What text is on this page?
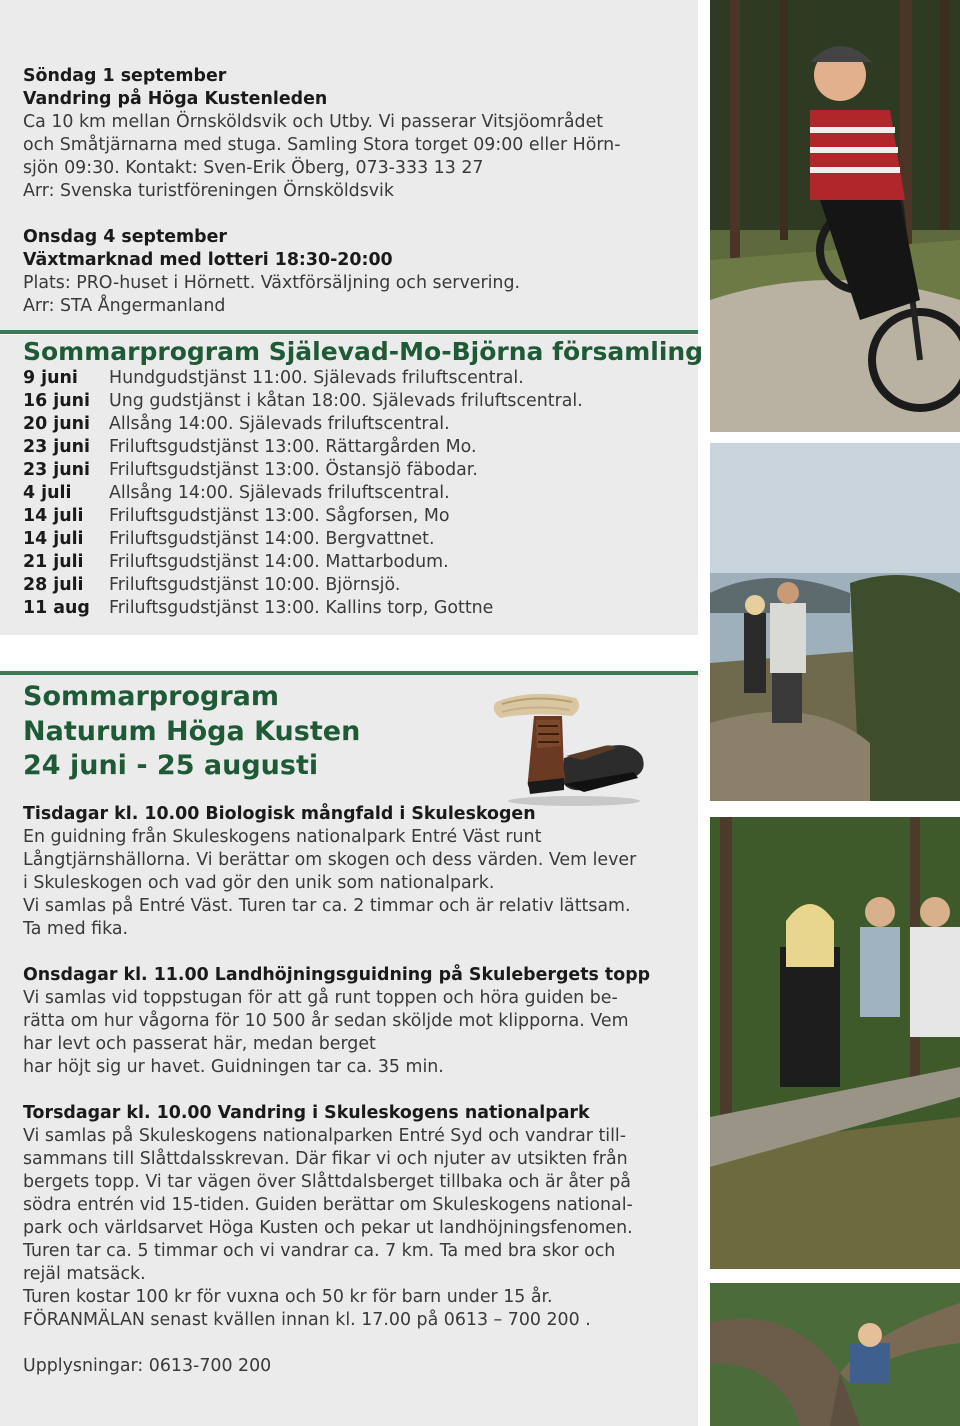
Söndag 1 september

Vandring på Höga Kustenleden

Ca 10 km mellan Örnsköldsvik och Utby. Vi passerar Vitsjöområdet

och Småtjärnarna med stuga. Samling Stora torget 09:00 eller Hörn-

sjön 09:30. Kontakt: Sven-Erik Öberg, 073-333 13 27

Arr: Svenska turistföreningen Örnsköldsvik

Onsdag 4 september

Växtmarknad med lotteri 18:30-20:00

Plats: PRO-huset i Hörnett. Växtförsäljning och servering.

Arr: STA Ångermanland

Sommarprogram Själevad-Mo-Björna församling
9 juni	Hundgudstjänst 11:00. Själevads friluftscentral.
16 juni	Ung gudstjänst i kåtan 18:00. Själevads friluftscentral.
20 juni	Allsång 14:00. Själevads friluftscentral.
23 juni	Friluftsgudstjänst 13:00. Rättargården Mo.
23 juni	Friluftsgudstjänst 13:00. Östansjö fäbodar.
4 juli	Allsång 14:00. Själevads friluftscentral.
14 juli	Friluftsgudstjänst 13:00. Sågforsen, Mo
14 juli	Friluftsgudstjänst 14:00. Bergvattnet.
21 juli	Friluftsgudstjänst 14:00. Mattarbodum.
28 juli	Friluftsgudstjänst 10:00. Björnsjö.
11 aug	Friluftsgudstjänst 13:00. Kallins torp, Gottne
Sommarprogram
Naturum Höga Kusten
24 juni - 25 augusti

Tisdagar kl. 10.00 Biologisk mångfald i Skuleskogen

En guidning från Skuleskogens nationalpark Entré Väst runt

Långtjärnshällorna. Vi berättar om skogen och dess värden. Vem lever

i Skuleskogen och vad gör den unik som nationalpark.

Vi samlas på Entré Väst. Turen tar ca. 2 timmar och är relativ lättsam.

Ta med fika.

Onsdagar kl. 11.00 Landhöjningsguidning på Skulebergets topp

Vi samlas vid toppstugan för att gå runt toppen och höra guiden be-

rätta om hur vågorna för 10 500 år sedan sköljde mot klipporna. Vem

har levt och passerat här, medan berget

har höjt sig ur havet. Guidningen tar ca. 35 min.

Torsdagar kl. 10.00 Vandring i Skuleskogens nationalpark

Vi samlas på Skuleskogens nationalparken Entré Syd och vandrar till-

sammans till Slåttdalsskrevan. Där fikar vi och njuter av utsikten från

bergets topp. Vi tar vägen över Slåttdalsberget tillbaka och är åter på

södra entrén vid 15-tiden. Guiden berättar om Skuleskogens national-

park och världsarvet Höga Kusten och pekar ut landhöjningsfenomen.

Turen tar ca. 5 timmar och vi vandrar ca. 7 km. Ta med bra skor och

rejäl matsäck.

Turen kostar 100 kr för vuxna och 50 kr för barn under 15 år.

FÖRANMÄLAN senast kvällen innan kl. 17.00 på 0613 – 700 200 .

Upplysningar: 0613-700 200
